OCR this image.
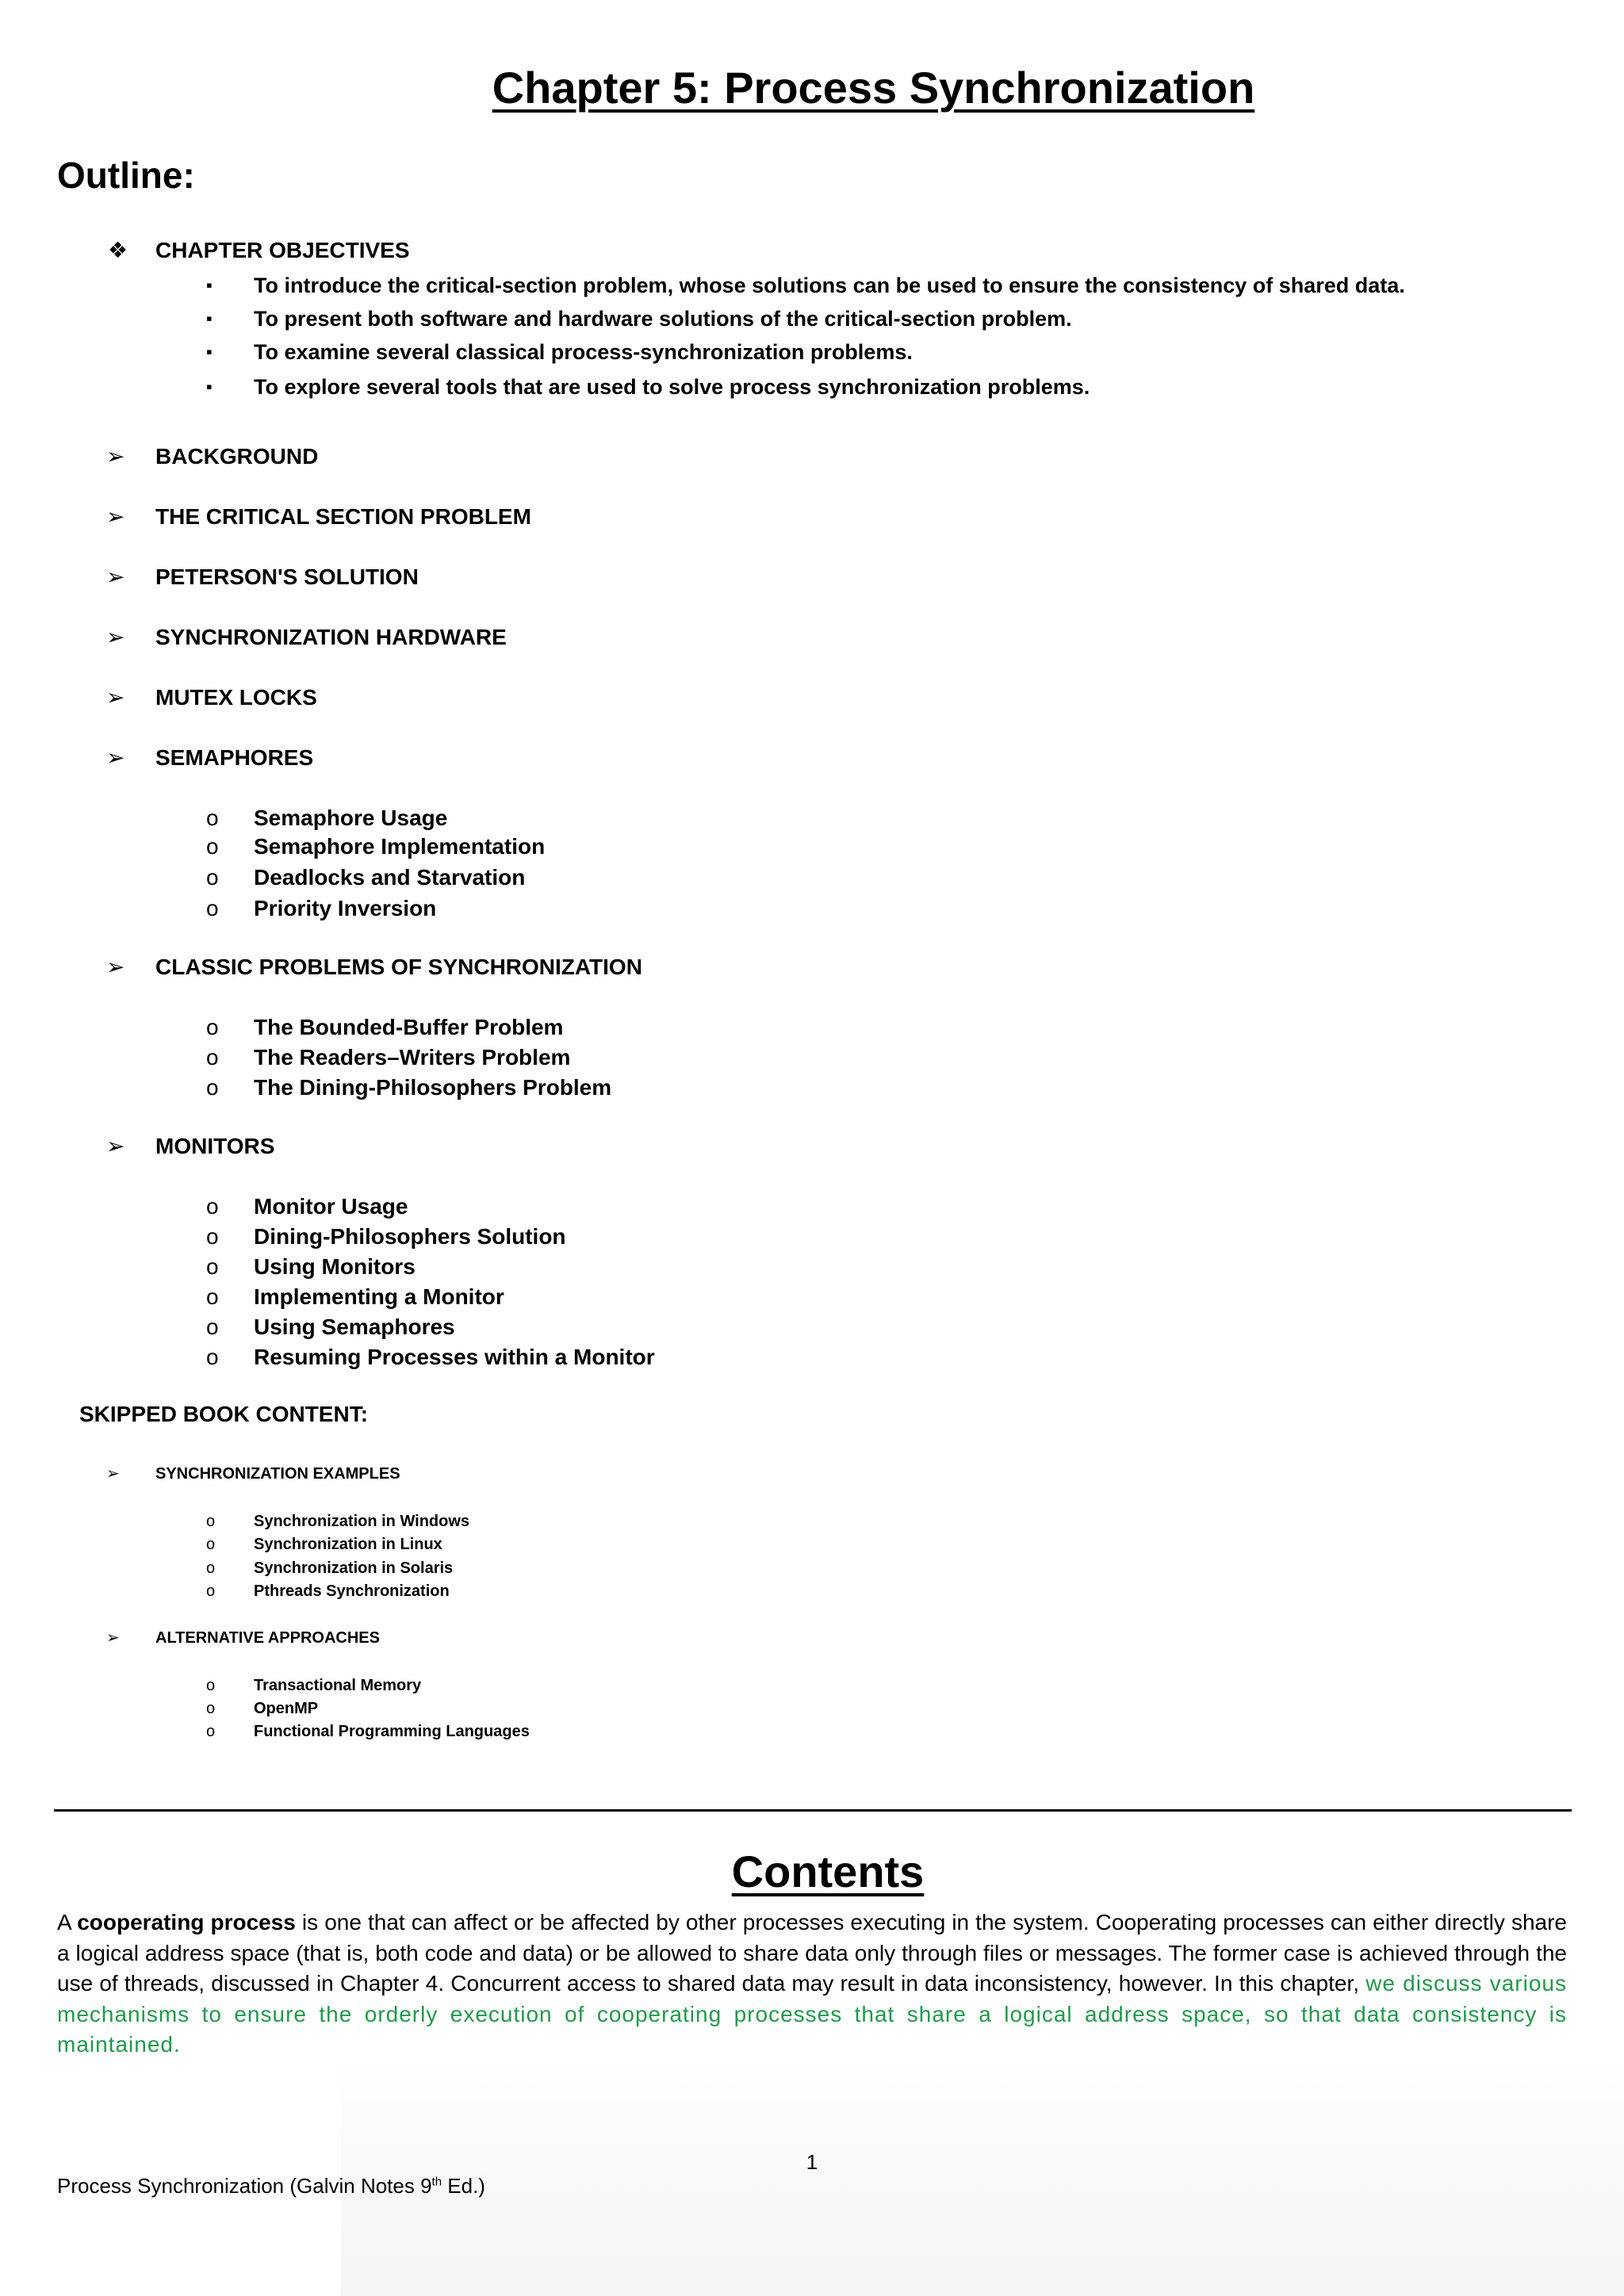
Chapter 5: Process Synchronization
Outline:
❖ CHAPTER OBJECTIVES
▪ To introduce the critical-section problem, whose solutions can be used to ensure the consistency of shared data.
▪ To present both software and hardware solutions of the critical-section problem.
▪ To examine several classical process-synchronization problems.
▪ To explore several tools that are used to solve process synchronization problems.
➢ BACKGROUND
➢ THE CRITICAL SECTION PROBLEM
➢ PETERSON'S SOLUTION
➢ SYNCHRONIZATION HARDWARE
➢ MUTEX LOCKS
➢ SEMAPHORES
o Semaphore Usage
o Semaphore Implementation
o Deadlocks and Starvation
o Priority Inversion
➢ CLASSIC PROBLEMS OF SYNCHRONIZATION
o The Bounded-Buffer Problem
o The Readers–Writers Problem
o The Dining-Philosophers Problem
➢ MONITORS
o Monitor Usage
o Dining-Philosophers Solution
o Using Monitors
o Implementing a Monitor
o Using Semaphores
o Resuming Processes within a Monitor
SKIPPED BOOK CONTENT:
➢ SYNCHRONIZATION EXAMPLES
o Synchronization in Windows
o Synchronization in Linux
o Synchronization in Solaris
o Pthreads Synchronization
➢ ALTERNATIVE APPROACHES
o Transactional Memory
o OpenMP
o Functional Programming Languages
Contents

A cooperating process is one that can affect or be affected by other processes executing in the system. Cooperating processes can either directly share a logical address space (that is, both code and data) or be allowed to share data only through files or messages. The former case is achieved through the use of threads, discussed in Chapter 4. Concurrent access to shared data may result in data inconsistency, however. In this chapter, we discuss various mechanisms to ensure the orderly execution of cooperating processes that share a logical address space, so that data consistency is maintained.

1
Process Synchronization (Galvin Notes 9th Ed.)
